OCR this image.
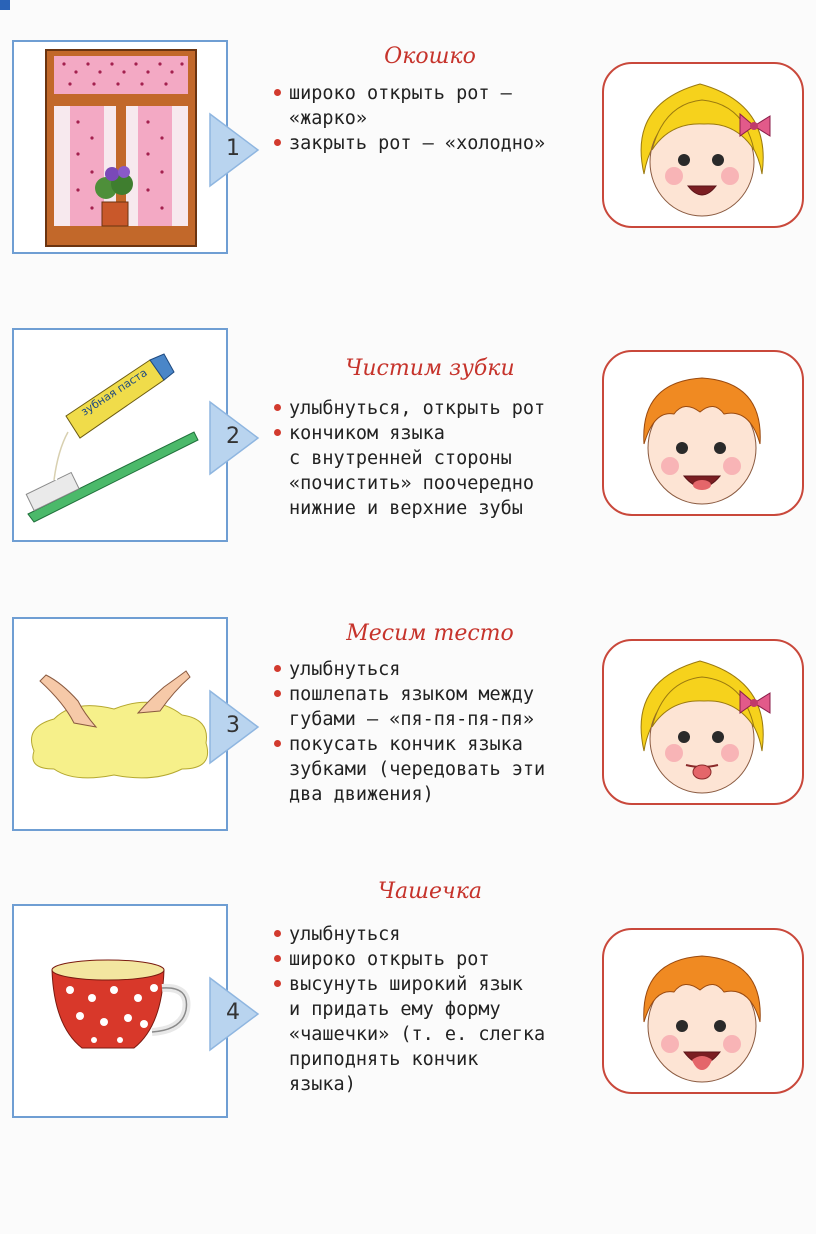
1
Окошко
широко открыть рот —
«жарко»
закрыть рот — «холодно»
зубная паста
2
Чистим зубки
улыбнуться, открыть рот
кончиком языка
с внутренней стороны
«почистить» поочередно
нижние и верхние зубы
3
Месим тесто
улыбнуться
пошлепать языком между
губами — «пя-пя-пя-пя»
покусать кончик языка
зубками (чередовать эти
два движения)
4
Чашечка
улыбнуться
широко открыть рот
высунуть широкий язык
и придать ему форму
«чашечки» (т. е. слегка
приподнять кончик
языка)
